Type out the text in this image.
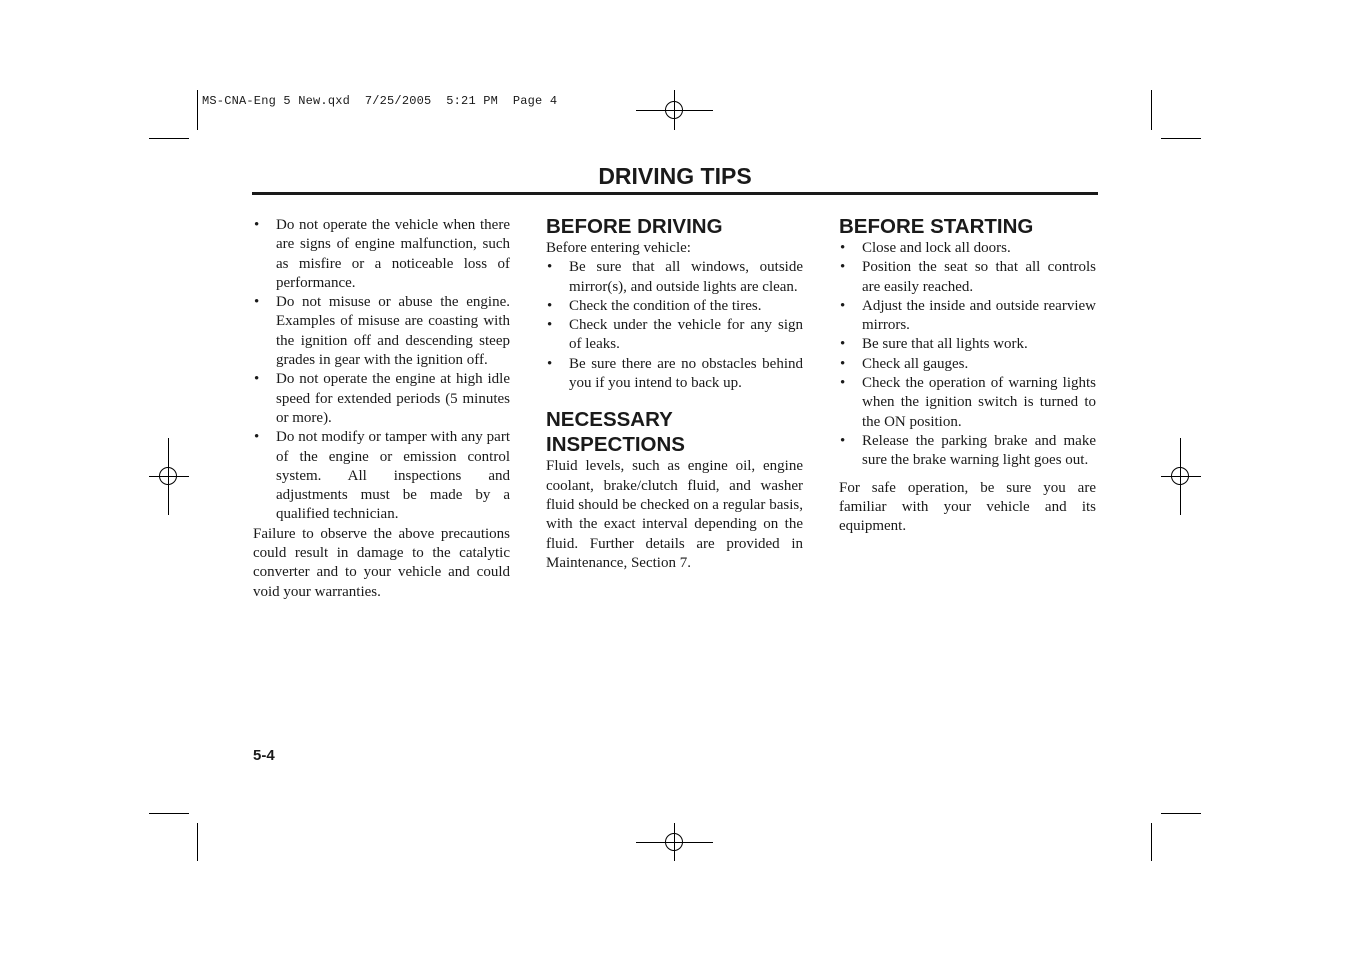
MS-CNA-Eng 5 New.qxd  7/25/2005  5:21 PM  Page 4
DRIVING TIPS
• Do not operate the vehicle when there are signs of engine malfunction, such as misfire or a noticeable loss of performance.
• Do not misuse or abuse the engine. Examples of misuse are coasting with the ignition off and descending steep grades in gear with the ignition off.
• Do not operate the engine at high idle speed for extended periods (5 minutes or more).
• Do not modify or tamper with any part of the engine or emission control system. All inspections and adjustments must be made by a qualified technician.

Failure to observe the above precautions could result in damage to the catalytic converter and to your vehicle and could void your warranties.

BEFORE DRIVING

Before entering vehicle:

• Be sure that all windows, outside mirror(s), and outside lights are clean.
• Check the condition of the tires.
• Check under the vehicle for any sign of leaks.
• Be sure there are no obstacles behind you if you intend to back up.
NECESSARY INSPECTIONS

Fluid levels, such as engine oil, engine coolant, brake/clutch fluid, and washer fluid should be checked on a regular basis, with the exact interval depending on the fluid. Further details are provided in Maintenance, Section 7.

BEFORE STARTING
• Close and lock all doors.
• Position the seat so that all controls are easily reached.
• Adjust the inside and outside rearview mirrors.
• Be sure that all lights work.
• Check all gauges.
• Check the operation of warning lights when the ignition switch is turned to the ON position.
• Release the parking brake and make sure the brake warning light goes out.

For safe operation, be sure you are familiar with your vehicle and its equipment.

5-4
